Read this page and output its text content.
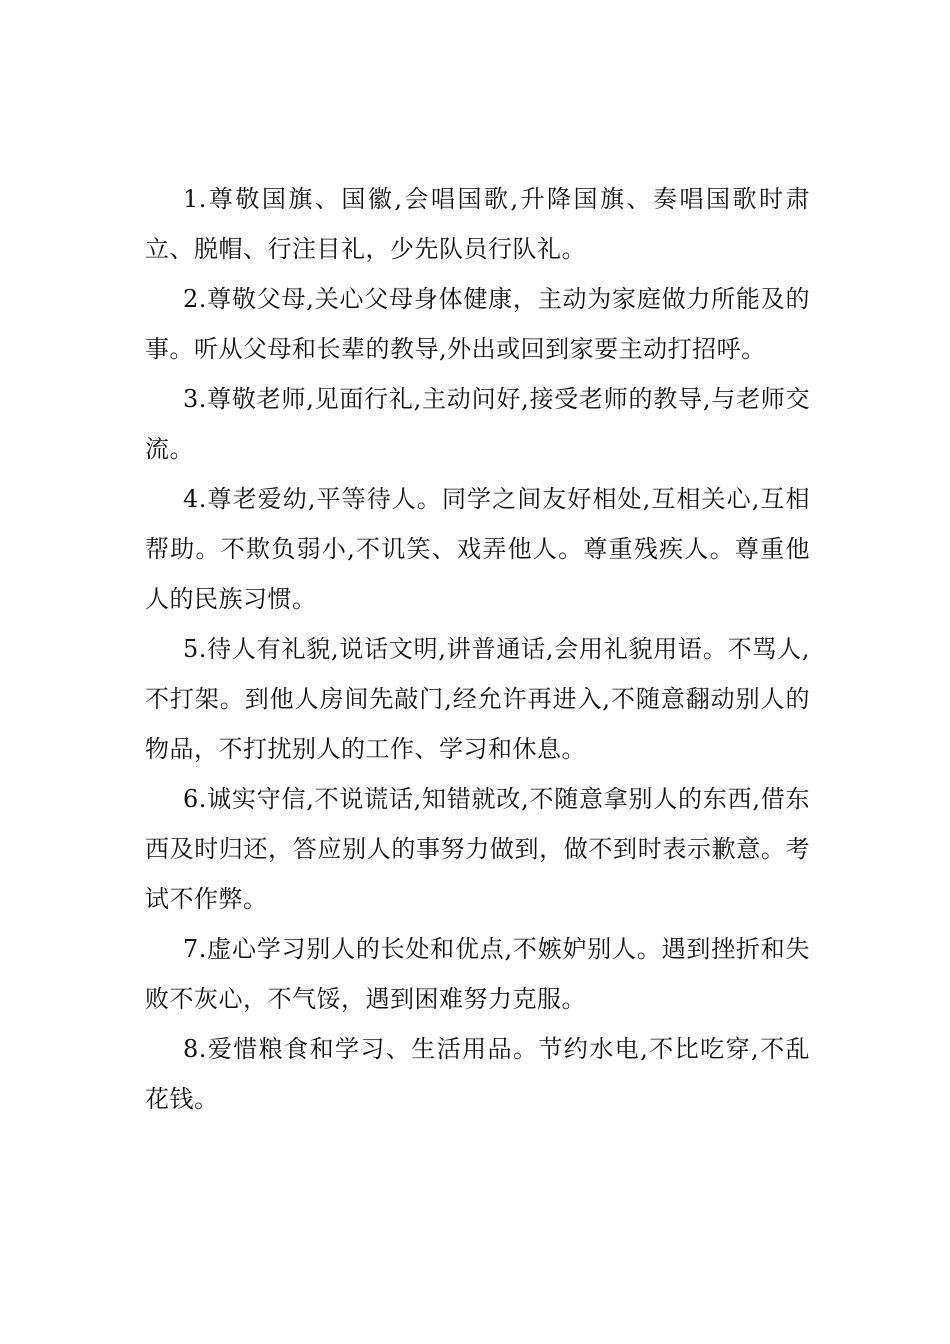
1.尊敬国旗、国徽,会唱国歌,升降国旗、奏唱国歌时肃立、脱帽、行注目礼，少先队员行队礼。

2.尊敬父母,关心父母身体健康，主动为家庭做力所能及的事。听从父母和长辈的教导,外出或回到家要主动打招呼。

3.尊敬老师,见面行礼,主动问好,接受老师的教导,与老师交流。

4.尊老爱幼,平等待人。同学之间友好相处,互相关心,互相帮助。不欺负弱小,不讥笑、戏弄他人。尊重残疾人。尊重他人的民族习惯。

5.待人有礼貌,说话文明,讲普通话,会用礼貌用语。不骂人,不打架。到他人房间先敲门,经允许再进入,不随意翻动别人的物品，不打扰别人的工作、学习和休息。

6.诚实守信,不说谎话,知错就改,不随意拿别人的东西,借东西及时归还，答应别人的事努力做到，做不到时表示歉意。考试不作弊。

7.虚心学习别人的长处和优点,不嫉妒别人。遇到挫折和失败不灰心，不气馁，遇到困难努力克服。

8.爱惜粮食和学习、生活用品。节约水电,不比吃穿,不乱花钱。
